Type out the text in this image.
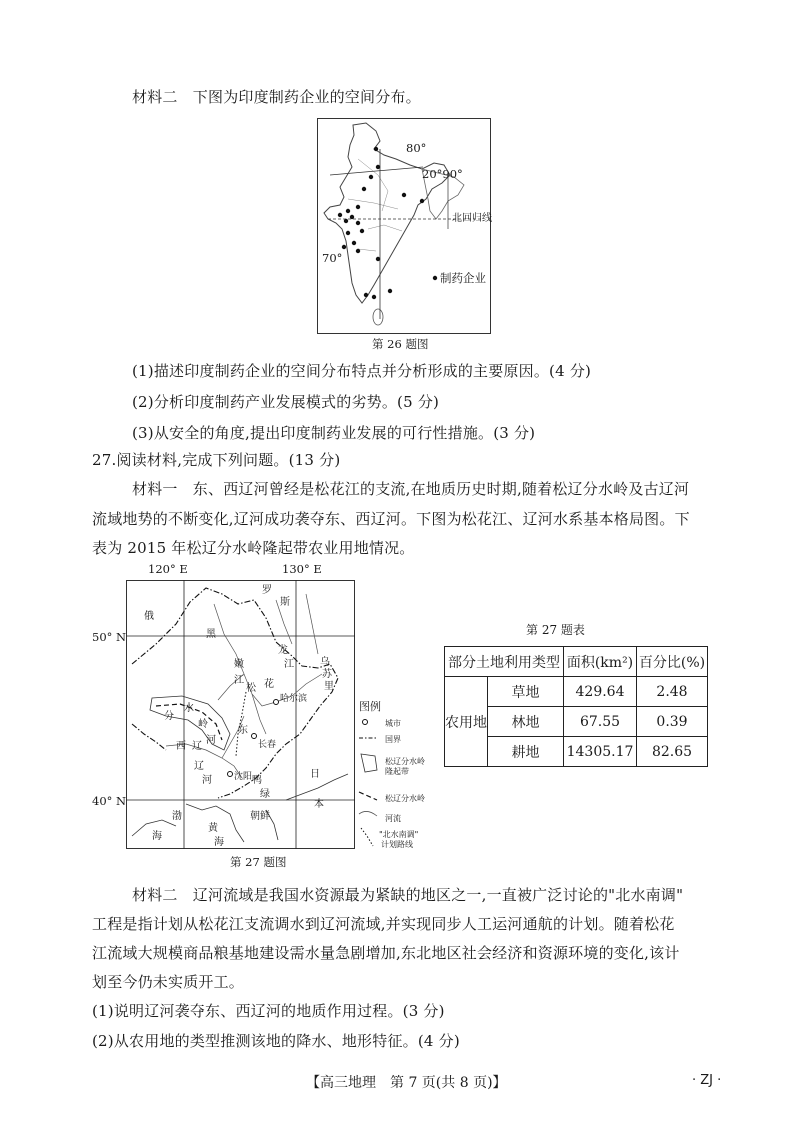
材料二　下图为印度制药企业的空间分布。
80°
20°90°
北回归线
70°
制药企业
第 26 题图
(1)描述印度制药企业的空间分布特点并分析形成的主要原因。(4 分)
(2)分析印度制药产业发展模式的劣势。(5 分)
(3)从安全的角度,提出印度制药业发展的可行性措施。(3 分)
27.阅读材料,完成下列问题。(13 分)
材料一　东、西辽河曾经是松花江的支流,在地质历史时期,随着松辽分水岭及古辽河
流域地势的不断变化,辽河成功袭夺东、西辽河。下图为松花江、辽河水系基本格局图。下
表为 2015 年松辽分水岭隆起带农业用地情况。
120° E	130° E
50° N
40° N
俄
罗
斯
黑
龙
江
嫩
江
松 花
哈尔滨
长春
沈阳
分
水
岭
西 辽
河
东
辽
河
乌
苏
里
鸭
绿
渤
海
黄
海
朝鲜
日
本
图例
城市
国界
松辽分水岭
隆起带
松辽分水岭
河流
"北水南调"
计划路线
第 27 题图
第 27 题表
部分土地利用类型		面积(km²)	百分比(%)
农用地	草地	429.64	2.48
	林地	67.55	0.39
	耕地	14305.17	82.65
材料二　辽河流域是我国水资源最为紧缺的地区之一,一直被广泛讨论的"北水南调"
工程是指计划从松花江支流调水到辽河流域,并实现同步人工运河通航的计划。随着松花
江流域大规模商品粮基地建设需水量急剧增加,东北地区社会经济和资源环境的变化,该计
划至今仍未实质开工。
(1)说明辽河袭夺东、西辽河的地质作用过程。(3 分)
(2)从农用地的类型推测该地的降水、地形特征。(4 分)
【高三地理　第 7 页(共 8 页)】	· ZJ ·
